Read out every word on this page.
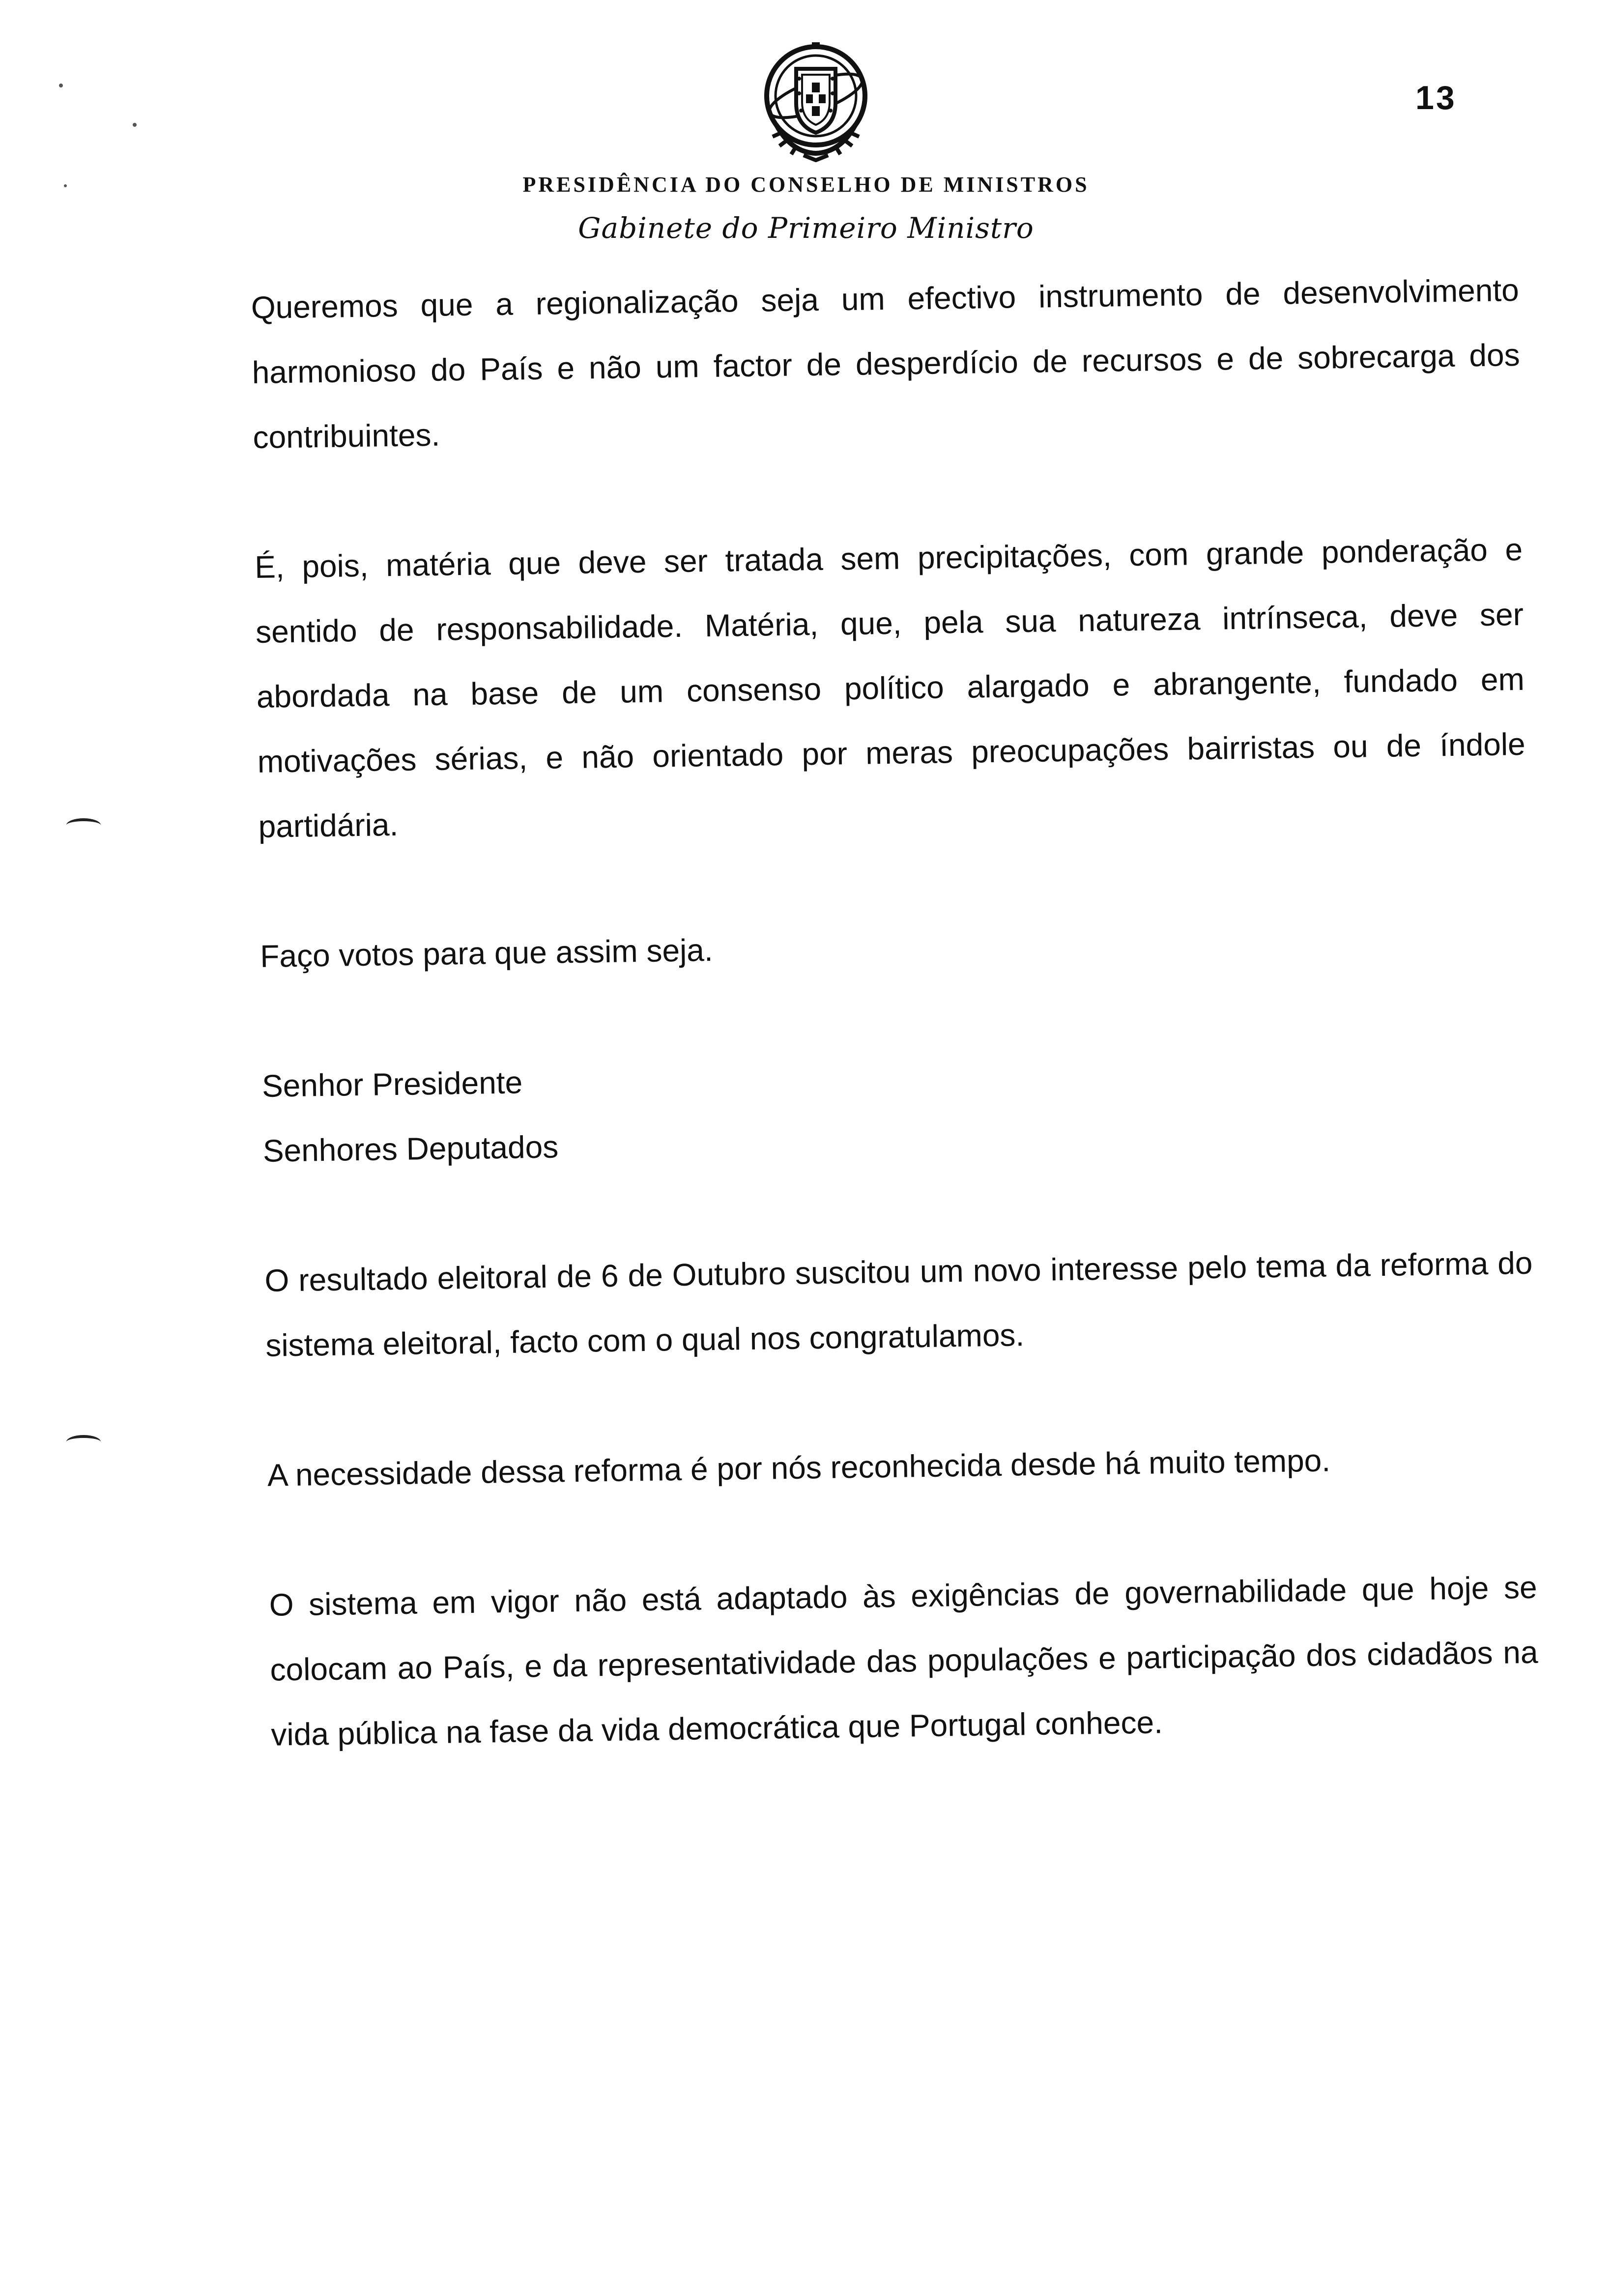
13
PRESIDÊNCIA DO CONSELHO DE MINISTROS
Gabinete do Primeiro Ministro

Queremos que a regionalização seja um efectivo instrumento de desenvolvimento harmonioso do País e não um factor de desperdício de recursos e de sobrecarga dos contribuintes.

É, pois, matéria que deve ser tratada sem precipitações, com grande ponderação e sentido de responsabilidade. Matéria, que, pela sua natureza intrínseca, deve ser abordada na base de um consenso político alargado e abrangente, fundado em motivações sérias, e não orientado por meras preocupações bairristas ou de índole partidária.

Faço votos para que assim seja.

Senhor Presidente
Senhores Deputados

O resultado eleitoral de 6 de Outubro suscitou um novo interesse pelo tema da reforma do sistema eleitoral, facto com o qual nos congratulamos.

A necessidade dessa reforma é por nós reconhecida desde há muito tempo.

O sistema em vigor não está adaptado às exigências de governabilidade que hoje se colocam ao País, e da representatividade das populações e participação dos cidadãos na vida pública na fase da vida democrática que Portugal conhece.
